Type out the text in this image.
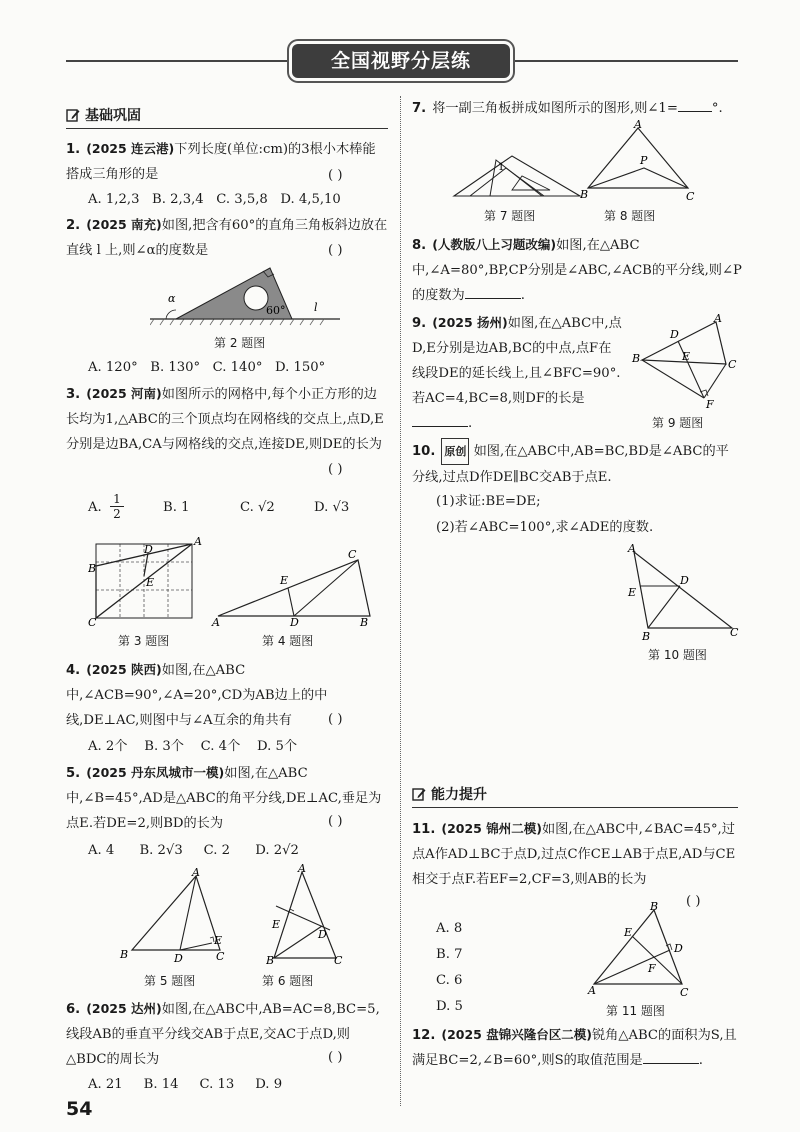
全国视野分层练
基础巩固
1. (2025 连云港)下列长度(单位:cm)的3根小木棒能搭成三角形的是	( )
A. 1,2,3   B. 2,3,4   C. 3,5,8   D. 4,5,10
2. (2025 南充)如图,把含有60°的直角三角板斜边放在直线 l 上,则∠α的度数是	( )
α
60°	l
第 2 题图
A. 120°   B. 130°   C. 140°   D. 150°
3. (2025 河南)如图所示的网格中,每个小正方形的边长均为1,△ABC的三个顶点均在网格线的交点上,点D,E分别是边BA,CA与网格线的交点,连接DE,则DE的长为
( )
A.
1
2	B. 1	C. √2	D. √3
A
B
C
D
E
第 3 题图
A	B
C
D
E
第 4 题图
4. (2025 陕西)如图,在△ABC中,∠ACB=90°,∠A=20°,CD为AB边上的中线,DE⊥AC,则图中与∠A互余的角共有	( )
A. 2个    B. 3个    C. 4个    D. 5个
5. (2025 丹东凤城市一模)如图,在△ABC中,∠B=45°,AD是△ABC的角平分线,DE⊥AC,垂足为点E.若DE=2,则BD的长为	( )
A. 4      B. 2√3     C. 2      D. 2√2
A
B	C
D
E
第 5 题图
A
B	C
D
E
第 6 题图
6. (2025 达州)如图,在△ABC中,AB=AC=8,BC=5,线段AB的垂直平分线交AB于点E,交AC于点D,则△BDC的周长为	( )
A. 21     B. 14     C. 13     D. 9
54
7. 将一副三角板拼成如图所示的图形,则∠1=	°.
1
第 7 题图
A
B	C
P
第 8 题图
8. (人教版八上习题改编)如图,在△ABC中,∠A=80°,BP,CP分别是∠ABC,∠ACB的平分线,则∠P的度数为	.
9. (2025 扬州)如图,在△ABC中,点D,E分别是边AB,BC的中点,点F在线段DE的延长线上,且∠BFC=90°.若AC=4,BC=8,则DF的长是.
A
B	C
D
E
F
第 9 题图
10. 原创 如图,在△ABC中,AB=BC,BD是∠ABC的平分线,过点D作DE∥BC交AB于点E.
(1)求证:BE=DE;
(2)若∠ABC=100°,求∠ADE的度数.
A
B	C
D
E
第 10 题图
能力提升
11. (2025 锦州二模)如图,在△ABC中,∠BAC=45°,过点A作AD⊥BC于点D,过点C作CE⊥AB于点E,AD与CE相交于点F.若EF=2,CF=3,则AB的长为
( )
A. 8
B. 7
C. 6
D. 5
A
B
C
D
E
F
第 11 题图
12. (2025 盘锦兴隆台区二模)锐角△ABC的面积为S,且满足BC=2,∠B=60°,则S的取值范围是	.
